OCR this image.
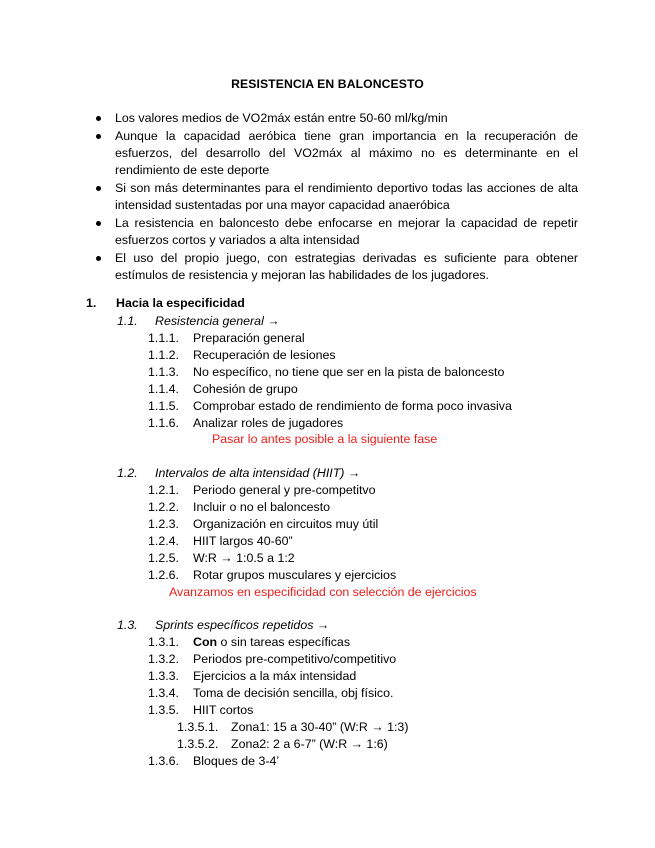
RESISTENCIA EN BALONCESTO
Los valores medios de VO2máx están entre 50-60 ml/kg/min
Aunque la capacidad aeróbica tiene gran importancia en la recuperación de esfuerzos, del desarrollo del VO2máx al máximo no es determinante en el rendimiento de este deporte
Si son más determinantes para el rendimiento deportivo todas las acciones de alta intensidad sustentadas por una mayor capacidad anaeróbica
La resistencia en baloncesto debe enfocarse en mejorar la capacidad de repetir esfuerzos cortos y variados a alta intensidad
El uso del propio juego, con estrategias derivadas es suficiente para obtener estímulos de resistencia y mejoran las habilidades de los jugadores.
1. Hacia la especificidad
1.1. Resistencia general →
1.1.1. Preparación general
1.1.2. Recuperación de lesiones
1.1.3. No específico, no tiene que ser en la pista de baloncesto
1.1.4. Cohesión de grupo
1.1.5. Comprobar estado de rendimiento de forma poco invasiva
1.1.6. Analizar roles de jugadores
Pasar lo antes posible a la siguiente fase
1.2. Intervalos de alta intensidad (HIIT) →
1.2.1. Periodo general y pre-competitvo
1.2.2. Incluir o no el baloncesto
1.2.3. Organización en circuitos muy útil
1.2.4. HIIT largos 40-60”
1.2.5. W:R → 1:0.5 a 1:2
1.2.6. Rotar grupos musculares y ejercicios
Avanzamos en especificidad con selección de ejercicios
1.3. Sprints específicos repetidos →
1.3.1. Con o sin tareas específicas
1.3.2. Periodos pre-competitivo/competitivo
1.3.3. Ejercicios a la máx intensidad
1.3.4. Toma de decisión sencilla, obj físico.
1.3.5. HIIT cortos
1.3.5.1. Zona1: 15 a 30-40” (W:R → 1:3)
1.3.5.2. Zona2: 2 a 6-7” (W:R → 1:6)
1.3.6. Bloques de 3-4’
